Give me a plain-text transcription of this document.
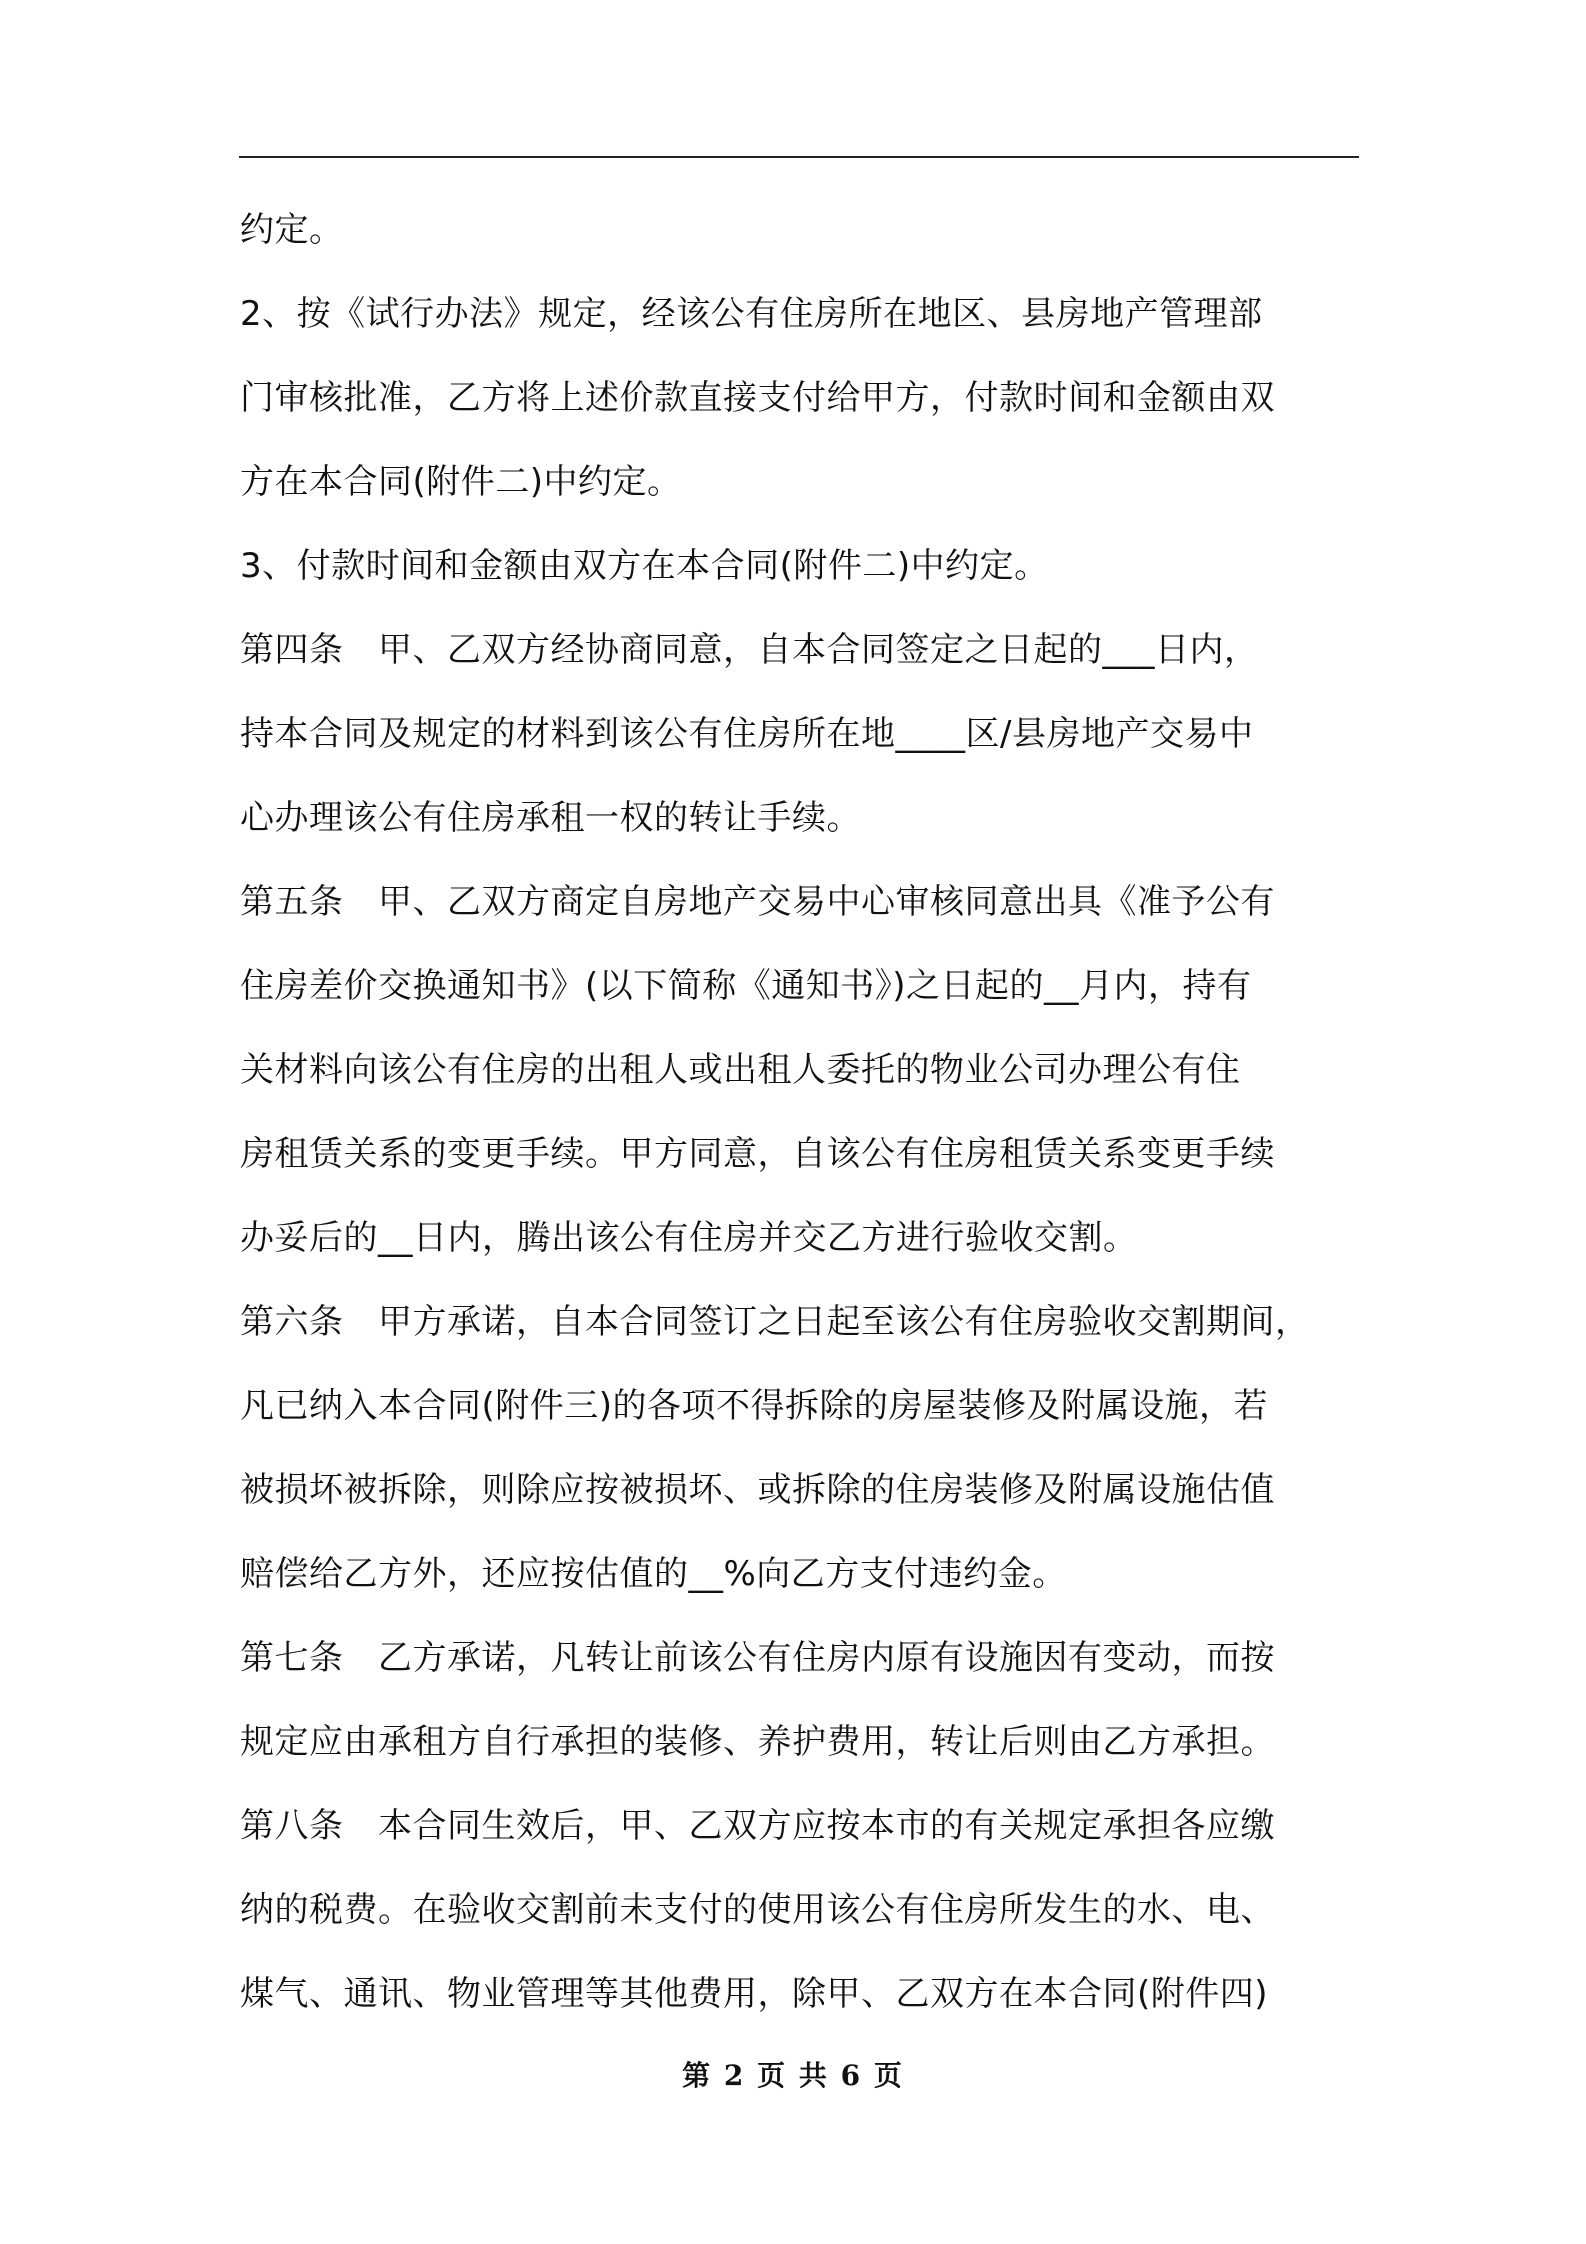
约定。
2、按《试行办法》规定，经该公有住房所在地区、县房地产管理部
门审核批准，乙方将上述价款直接支付给甲方，付款时间和金额由双
方在本合同(附件二)中约定。
3、付款时间和金额由双方在本合同(附件二)中约定。
第四条　甲、乙双方经协商同意，自本合同签定之日起的___日内，
持本合同及规定的材料到该公有住房所在地____区/县房地产交易中
心办理该公有住房承租一权的转让手续。
第五条　甲、乙双方商定自房地产交易中心审核同意出具《准予公有
住房差价交换通知书》(以下简称《通知书》)之日起的__月内，持有
关材料向该公有住房的出租人或出租人委托的物业公司办理公有住
房租赁关系的变更手续。甲方同意，自该公有住房租赁关系变更手续
办妥后的__日内，腾出该公有住房并交乙方进行验收交割。
第六条　甲方承诺，自本合同签订之日起至该公有住房验收交割期间，
凡已纳入本合同(附件三)的各项不得拆除的房屋装修及附属设施，若
被损坏被拆除，则除应按被损坏、或拆除的住房装修及附属设施估值
赔偿给乙方外，还应按估值的__%向乙方支付违约金。
第七条　乙方承诺，凡转让前该公有住房内原有设施因有变动，而按
规定应由承租方自行承担的装修、养护费用，转让后则由乙方承担。
第八条　本合同生效后，甲、乙双方应按本市的有关规定承担各应缴
纳的税费。在验收交割前未支付的使用该公有住房所发生的水、电、
煤气、通讯、物业管理等其他费用，除甲、乙双方在本合同(附件四)
第 2 页 共 6 页
